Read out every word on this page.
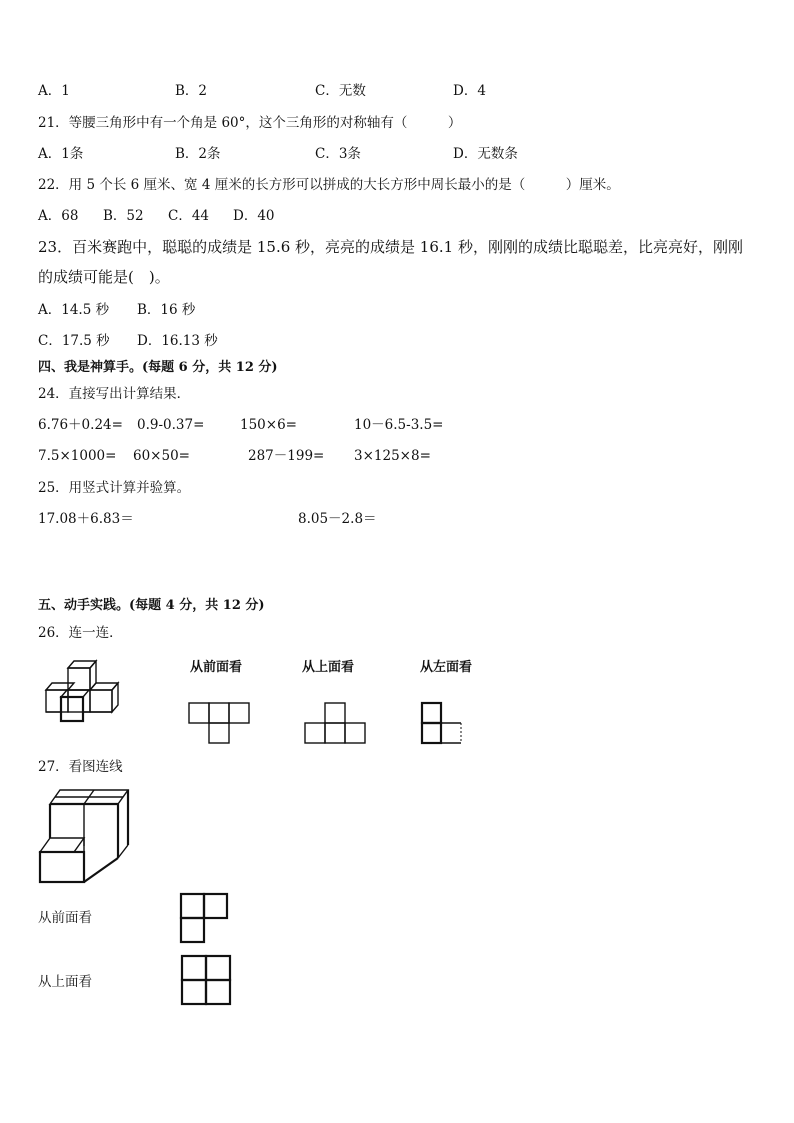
A．1	B．2	C．无数	D．4
21．等腰三角形中有一个角是 60°，这个三角形的对称轴有（　　　）
A．1条	B．2条	C．3条	D．无数条
22．用 5 个长 6 厘米、宽 4 厘米的长方形可以拼成的大长方形中周长最小的是（　　　）厘米。
A．68 B．52 C．44 D．40
23．百米赛跑中，聪聪的成绩是 15.6 秒，亮亮的成绩是 16.1 秒，刚刚的成绩比聪聪差，比亮亮好，刚刚
的成绩可能是(　)。
A．14.5 秒 B．16 秒
C．17.5 秒 D．16.13 秒
四、我是神算手。(每题 6 分，共 12 分)
24．直接写出计算结果．
6.76＋0.24= 0.9-0.37=	150×6=	10－6.5-3.5=
7.5×1000= 60×50=	287－199= 3×125×8=
25．用竖式计算并验算。
17.08＋6.83＝	8.05－2.8＝
五、动手实践。(每题 4 分，共 12 分)
26．连一连．
从前面看	从上面看	从左面看
27．看图连线
从前面看
从上面看
